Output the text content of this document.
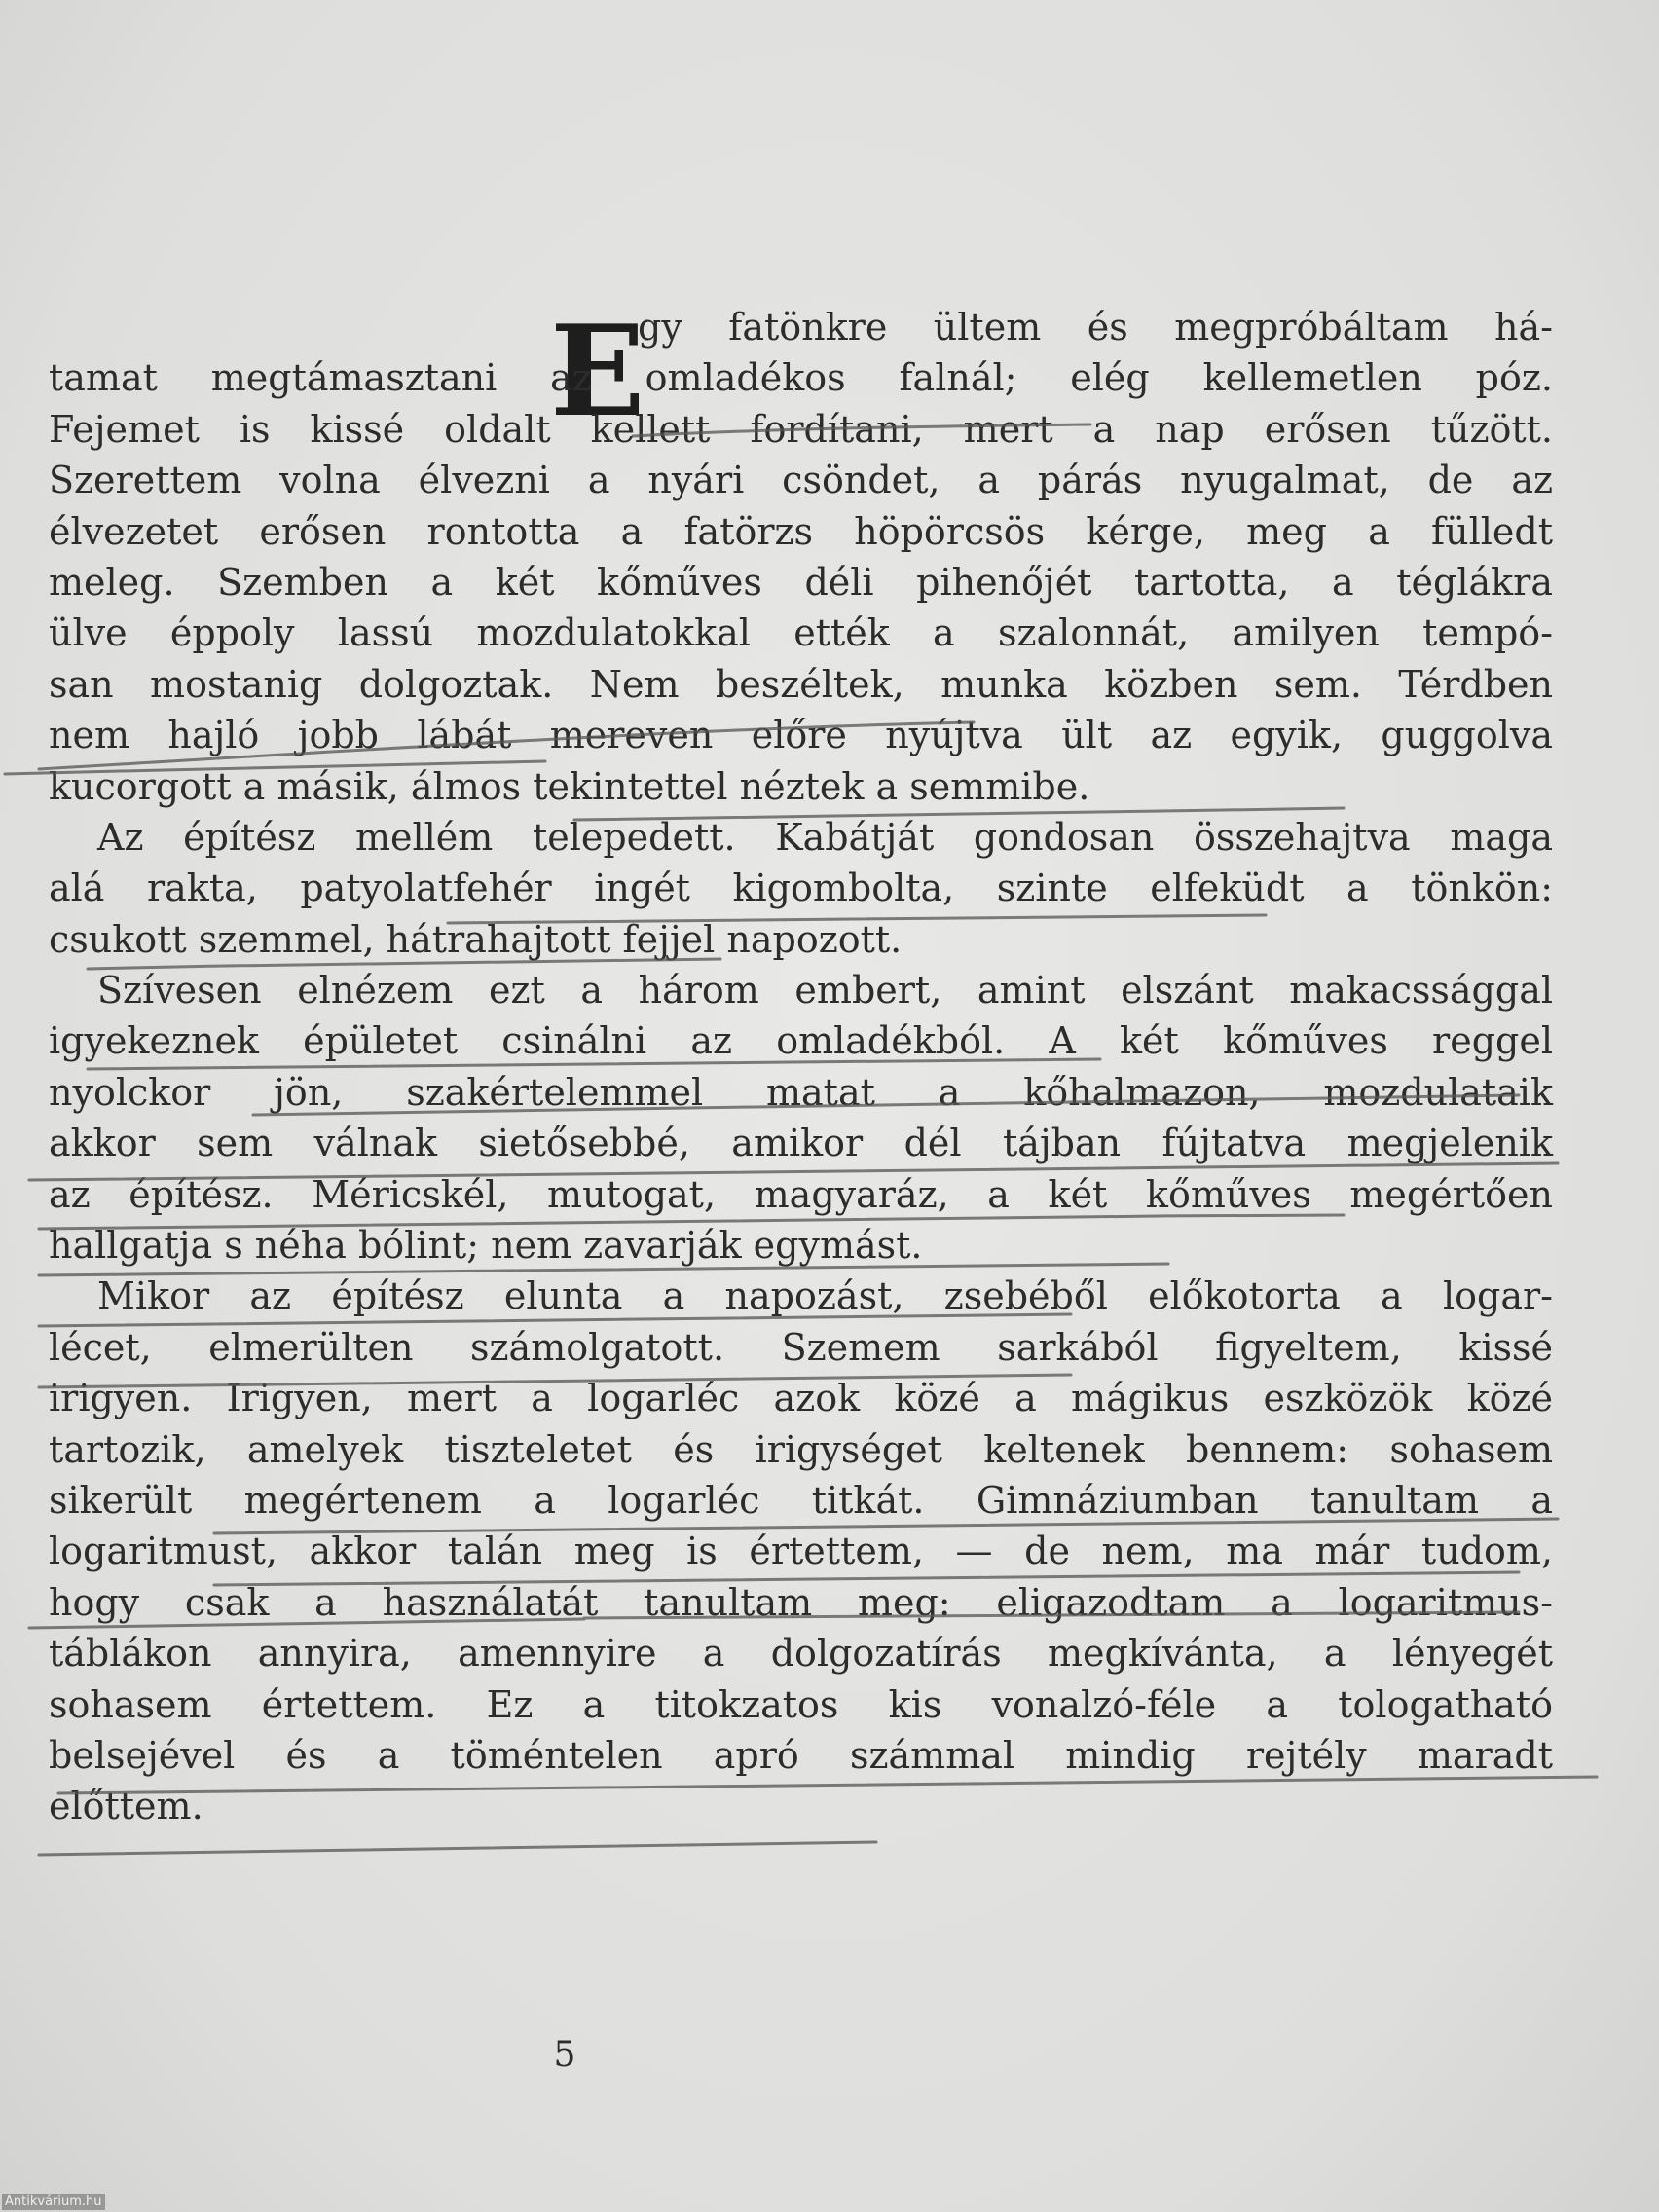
E
gy fatönkre ültem és megpróbáltam há-
tamat megtámasztani az omladékos falnál; elég kellemetlen póz.
Fejemet is kissé oldalt kellett fordítani, mert a nap erősen tűzött.
Szerettem volna élvezni a nyári csöndet, a párás nyugalmat, de az
élvezetet erősen rontotta a fatörzs höpörcsös kérge, meg a fülledt
meleg. Szemben a két kőműves déli pihenőjét tartotta, a téglákra
ülve éppoly lassú mozdulatokkal ették a szalonnát, amilyen tempó-
san mostanig dolgoztak. Nem beszéltek, munka közben sem. Térdben
nem hajló jobb lábát mereven előre nyújtva ült az egyik, guggolva
kucorgott a másik, álmos tekintettel néztek a semmibe.
Az építész mellém telepedett. Kabátját gondosan összehajtva maga
alá rakta, patyolatfehér ingét kigombolta, szinte elfeküdt a tönkön:
csukott szemmel, hátrahajtott fejjel napozott.
Szívesen elnézem ezt a három embert, amint elszánt makacssággal
igyekeznek épületet csinálni az omladékból. A két kőműves reggel
nyolckor jön, szakértelemmel matat a kőhalmazon, mozdulataik
akkor sem válnak sietősebbé, amikor dél tájban fújtatva megjelenik
az építész. Méricskél, mutogat, magyaráz, a két kőműves megértően
hallgatja s néha bólint; nem zavarják egymást.
Mikor az építész elunta a napozást, zsebéből előkotorta a logar-
lécet, elmerülten számolgatott. Szemem sarkából figyeltem, kissé
irigyen. Irigyen, mert a logarléc azok közé a mágikus eszközök közé
tartozik, amelyek tiszteletet és irigységet keltenek bennem: sohasem
sikerült megértenem a logarléc titkát. Gimnáziumban tanultam a
logaritmust, akkor talán meg is értettem, — de nem, ma már tudom,
hogy csak a használatát tanultam meg: eligazodtam a logaritmus-
táblákon annyira, amennyire a dolgozatírás megkívánta, a lényegét
sohasem értettem. Ez a titokzatos kis vonalzó-féle a tologatható
belsejével és a töméntelen apró számmal mindig rejtély maradt
előttem.
5
Antikvárium.hu
